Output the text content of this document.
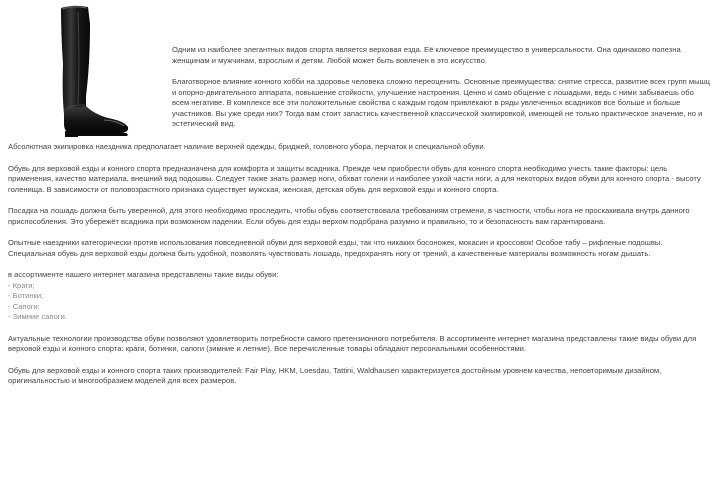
Одним из наиболее элегантных видов спорта является верховая езда. Её ключевое преимущество в универсальности. Она одинаково полезна женщинам и мужчинам, взрослым и детям. Любой может быть вовлечен в это искусство.

Благотворное влияние конного хобби на здоровье человека сложно переоценить. Основные преимущества: снятие стресса, развитие всех групп мышц и опорно-двигательного аппарата, повышение стойкости, улучшение настроения. Ценно и само общение с лошадьми, ведь с ними забываешь обо всем негативе. В комплексе все эти положительные свойства с каждым годом привлекают в ряды увлеченных всадников все больше и больше участников. Вы уже среди них? Тогда вам стоит запастись качественной классической экипировкой, имеющей не только практическое значение, но и эстетический вид.

Абсолютная экипировка наездника предполагает наличие верхней одежды, бриджей, головного убора, перчаток и специальной обуви.

Обувь для верховой езды и конного спорта предназначена для комфорта и защиты всадника. Прежде чем приобрести обувь для конного спорта необходимо учесть такие факторы: цель применения, качество материала, внешний вид подошвы. Следует также знать размер ноги, обхват голени и наиболее узкой части ноги, а для некоторых видов обуви для конного спорта - высоту голенища. В зависимости от половозрастного признака существует мужская, женская, детская обувь для верховой езды и конного спорта.

Посадка на лошадь должна быть уверенной, для этого необходимо проследить, чтобы обувь соответствовала требованиям стремени, в частности, чтобы нога не проскакивала внутрь данного приспособления. Это убережёт всадника при возможном падении. Если обувь для езды верхом подобрана разумно и правильно, то и безопасность вам гарантирована.

Опытные наездники категорически против использования повседневной обуви для верховой езды, так что никаких босоножек, мокасин и кроссовок! Особое табу – рифленые подошвы. Специальная обувь для верховой езды должна быть удобной, позволять чувствовать лошадь, предохранять ногу от трений, а качественные материалы возможность ногам дышать.

в ассортименте нашего интернет магазина представлены такие виды обуви:
- Краги;
- Ботинки;
- Сапоги;
- Зимние сапоги.

Актуальные технологии производства обуви позволяют удовлетворить потребности самого претензионного потребителя. В ассортименте интернет магазина представлены такие виды обуви для верховой езды и конного спорта: краги, ботинки, сапоги (зимние и летние). Все перечисленные товары обладают персональными особенностями.

Обувь для верховой езды и конного спорта таких производителей: Fair Play, HKM, Loesdau, Tattini, Waldhausen характеризуется достойным уровнем качества, неповторимым дизайном, оригинальностью и многообразием моделей для всех размеров.
